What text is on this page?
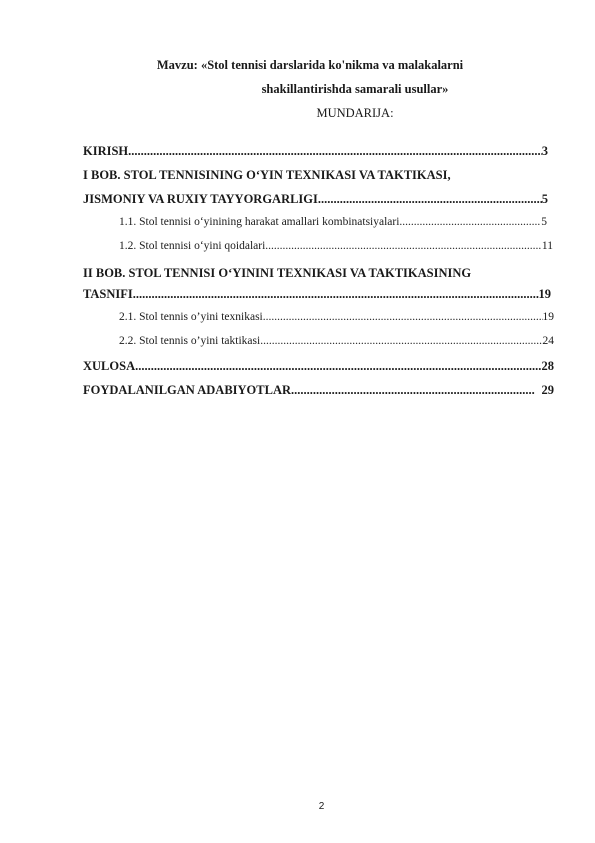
Mavzu: «Stol tennisi darslarida ko'nikma va malakalarni
shakillantirishda samarali usullar»
MUNDARIJA:
KIRISH .....	3
I BOB. STOL TENNISINING O‘YIN TEXNIKASI VA TAKTIKASI,
JISMONIY VA RUXIY TAYYORGARLIGI .....	5
1.1. Stol tennisi o‘yinining harakat amallari kombinatsiyalari .....	5
1.2. Stol tennisi o‘yini qoidalari .....	11
II BOB. STOL TENNISI O‘YININI TEXNIKASI VA TAKTIKASINING
TASNIFI .....	19
2.1. Stol tennis o’yini texnikasi .....	19
2.2. Stol tennis o’yini taktikasi .....	24
XULOSA .....	28
FOYDALANILGAN ADABIYOTLAR .....	29
2
